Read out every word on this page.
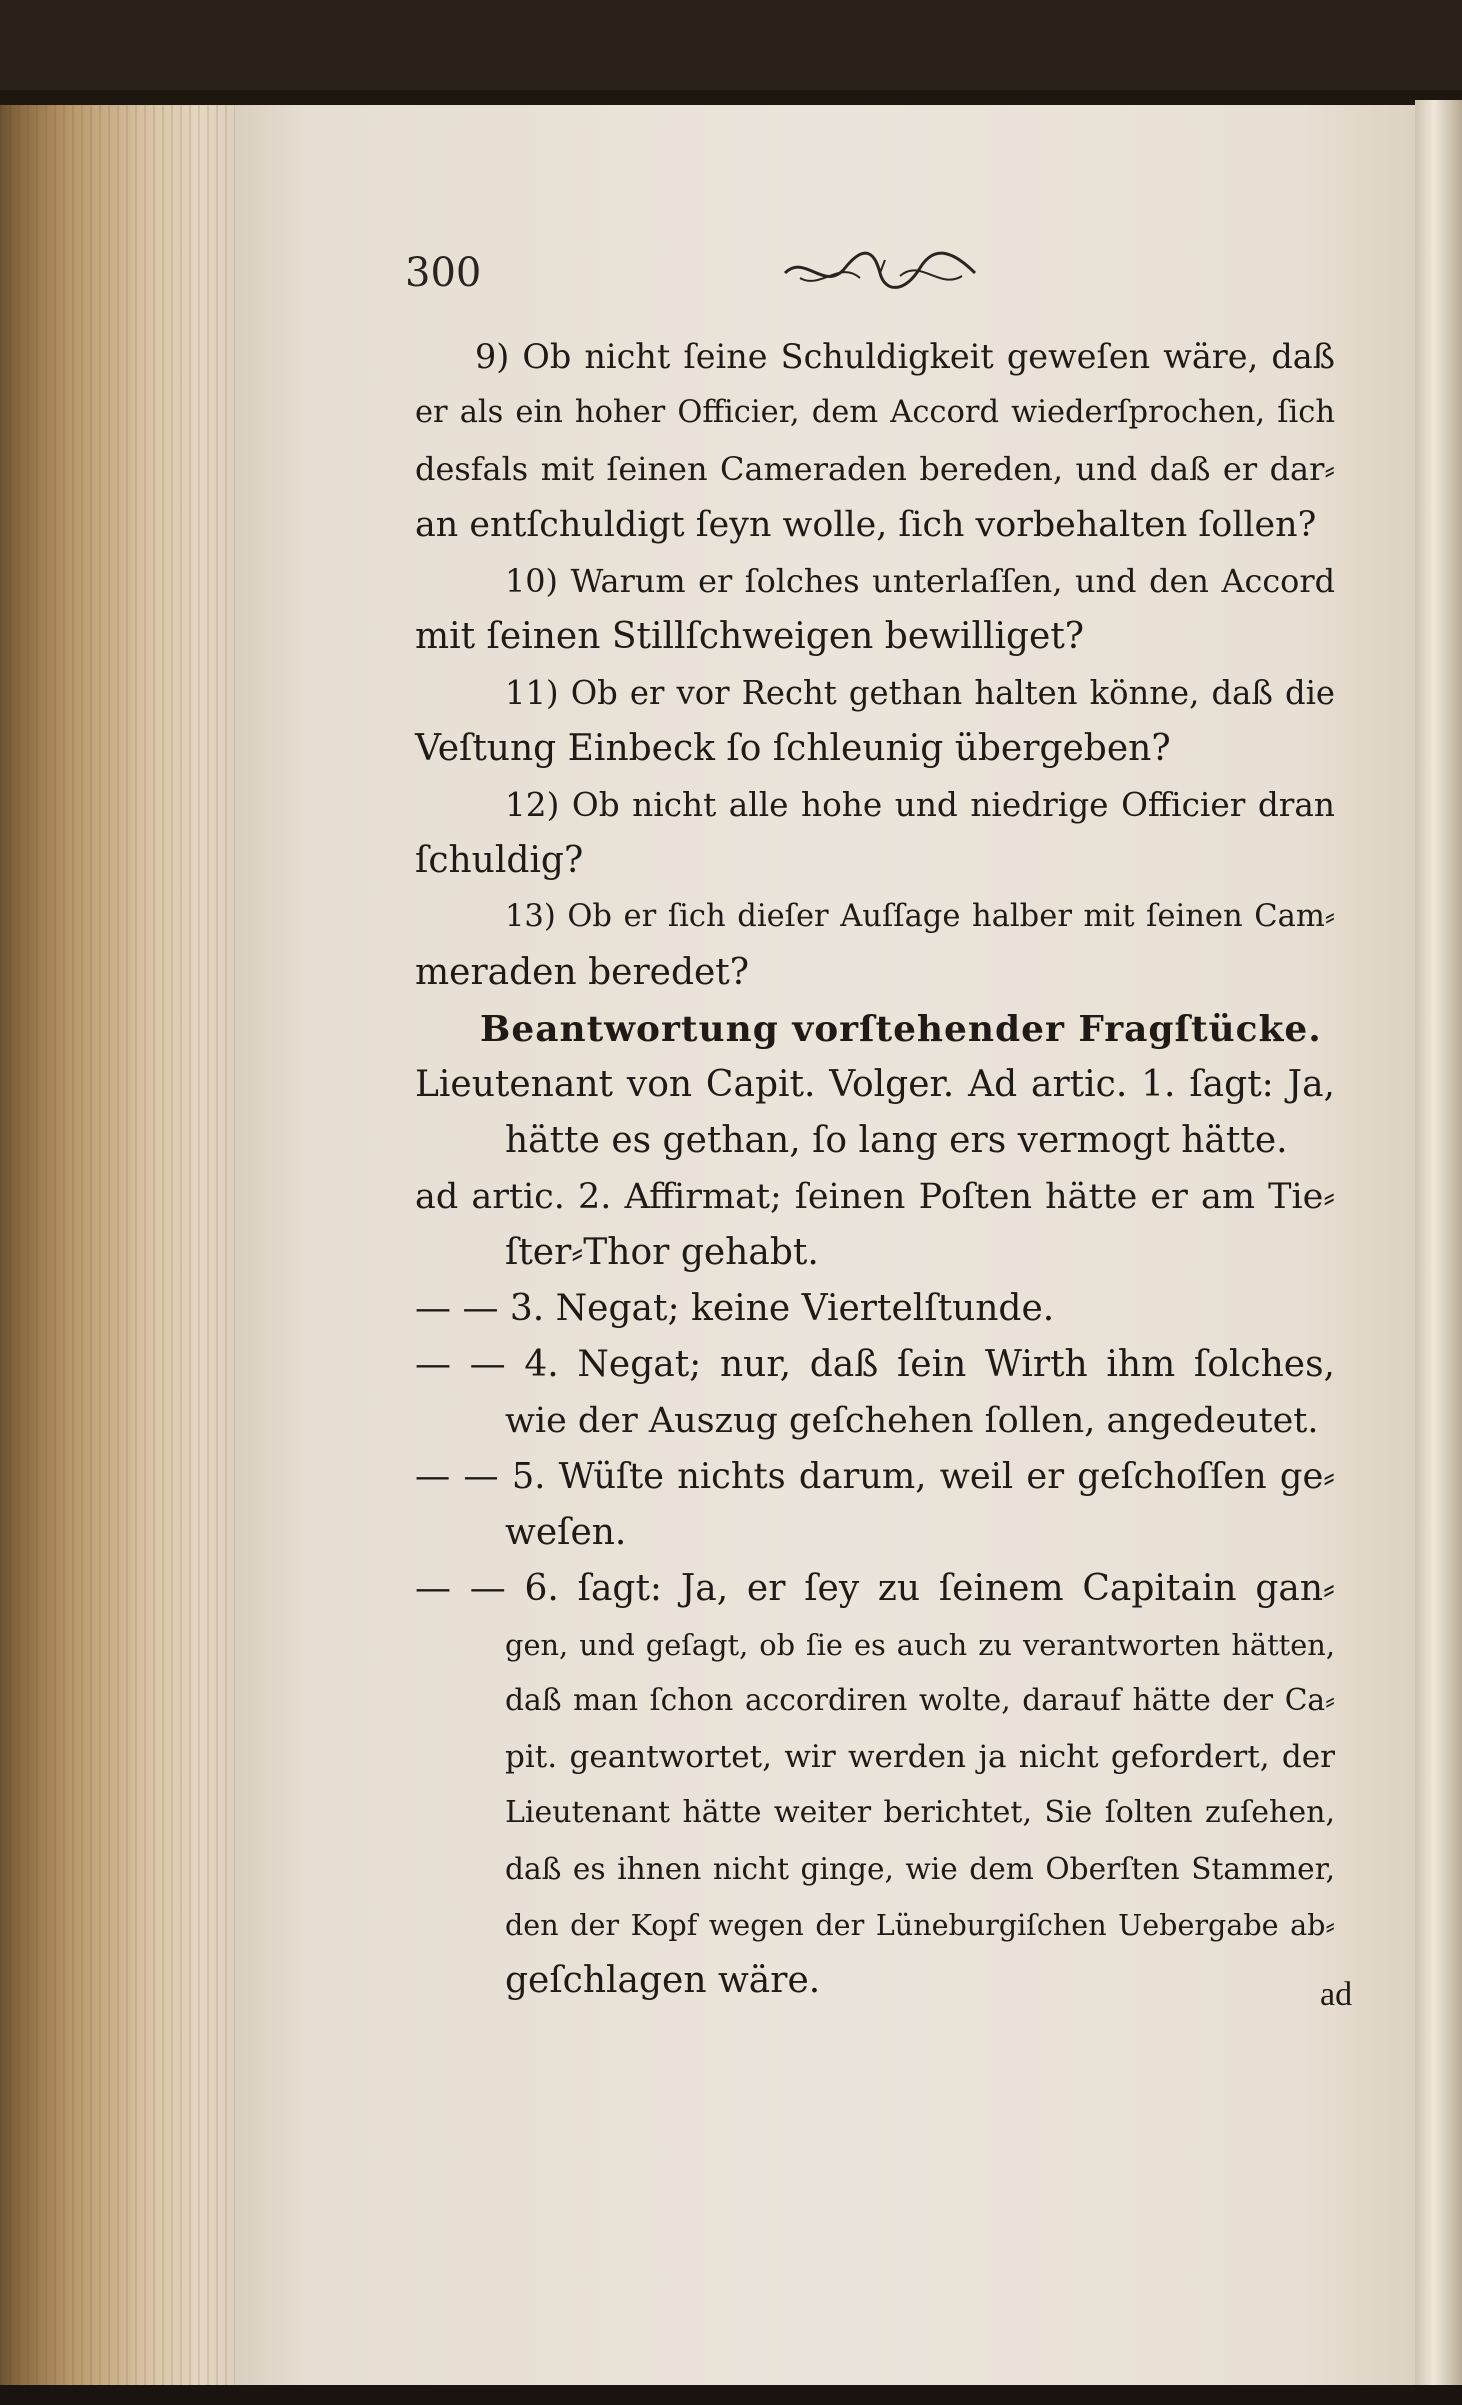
300
9) Ob nicht ſeine Schuldigkeit geweſen wäre, daß
er als ein hoher Officier, dem Accord wiederſprochen, ſich
desfals mit ſeinen Cameraden bereden, und daß er dar⸗
an entſchuldigt ſeyn wolle, ſich vorbehalten ſollen?
10) Warum er ſolches unterlaſſen, und den Accord
mit ſeinen Stillſchweigen bewilliget?
11) Ob er vor Recht gethan halten könne, daß die
Veſtung Einbeck ſo ſchleunig übergeben?
12) Ob nicht alle hohe und niedrige Officier dran
ſchuldig?
13) Ob er ſich dieſer Auſſage halber mit ſeinen Cam⸗
meraden beredet?
Beantwortung vorſtehender Fragſtücke.
Lieutenant von Capit. Volger. Ad artic. 1. ſagt: Ja,
hätte es gethan, ſo lang ers vermogt hätte.
ad artic. 2. Affirmat; ſeinen Poſten hätte er am Tie⸗
ſter⸗Thor gehabt.
— — 3. Negat; keine Viertelſtunde.
— — 4. Negat; nur, daß ſein Wirth ihm ſolches,
wie der Auszug geſchehen ſollen, angedeutet.
— — 5. Wüſte nichts darum, weil er geſchoſſen ge⸗
weſen.
— — 6. ſagt: Ja, er ſey zu ſeinem Capitain gan⸗
gen, und geſagt, ob ſie es auch zu verantworten hätten,
daß man ſchon accordiren wolte, darauf hätte der Ca⸗
pit. geantwortet, wir werden ja nicht gefordert, der
Lieutenant hätte weiter berichtet, Sie ſolten zuſehen,
daß es ihnen nicht ginge, wie dem Oberſten Stammer,
den der Kopf wegen der Lüneburgiſchen Uebergabe ab⸗
geſchlagen wäre.	ad
